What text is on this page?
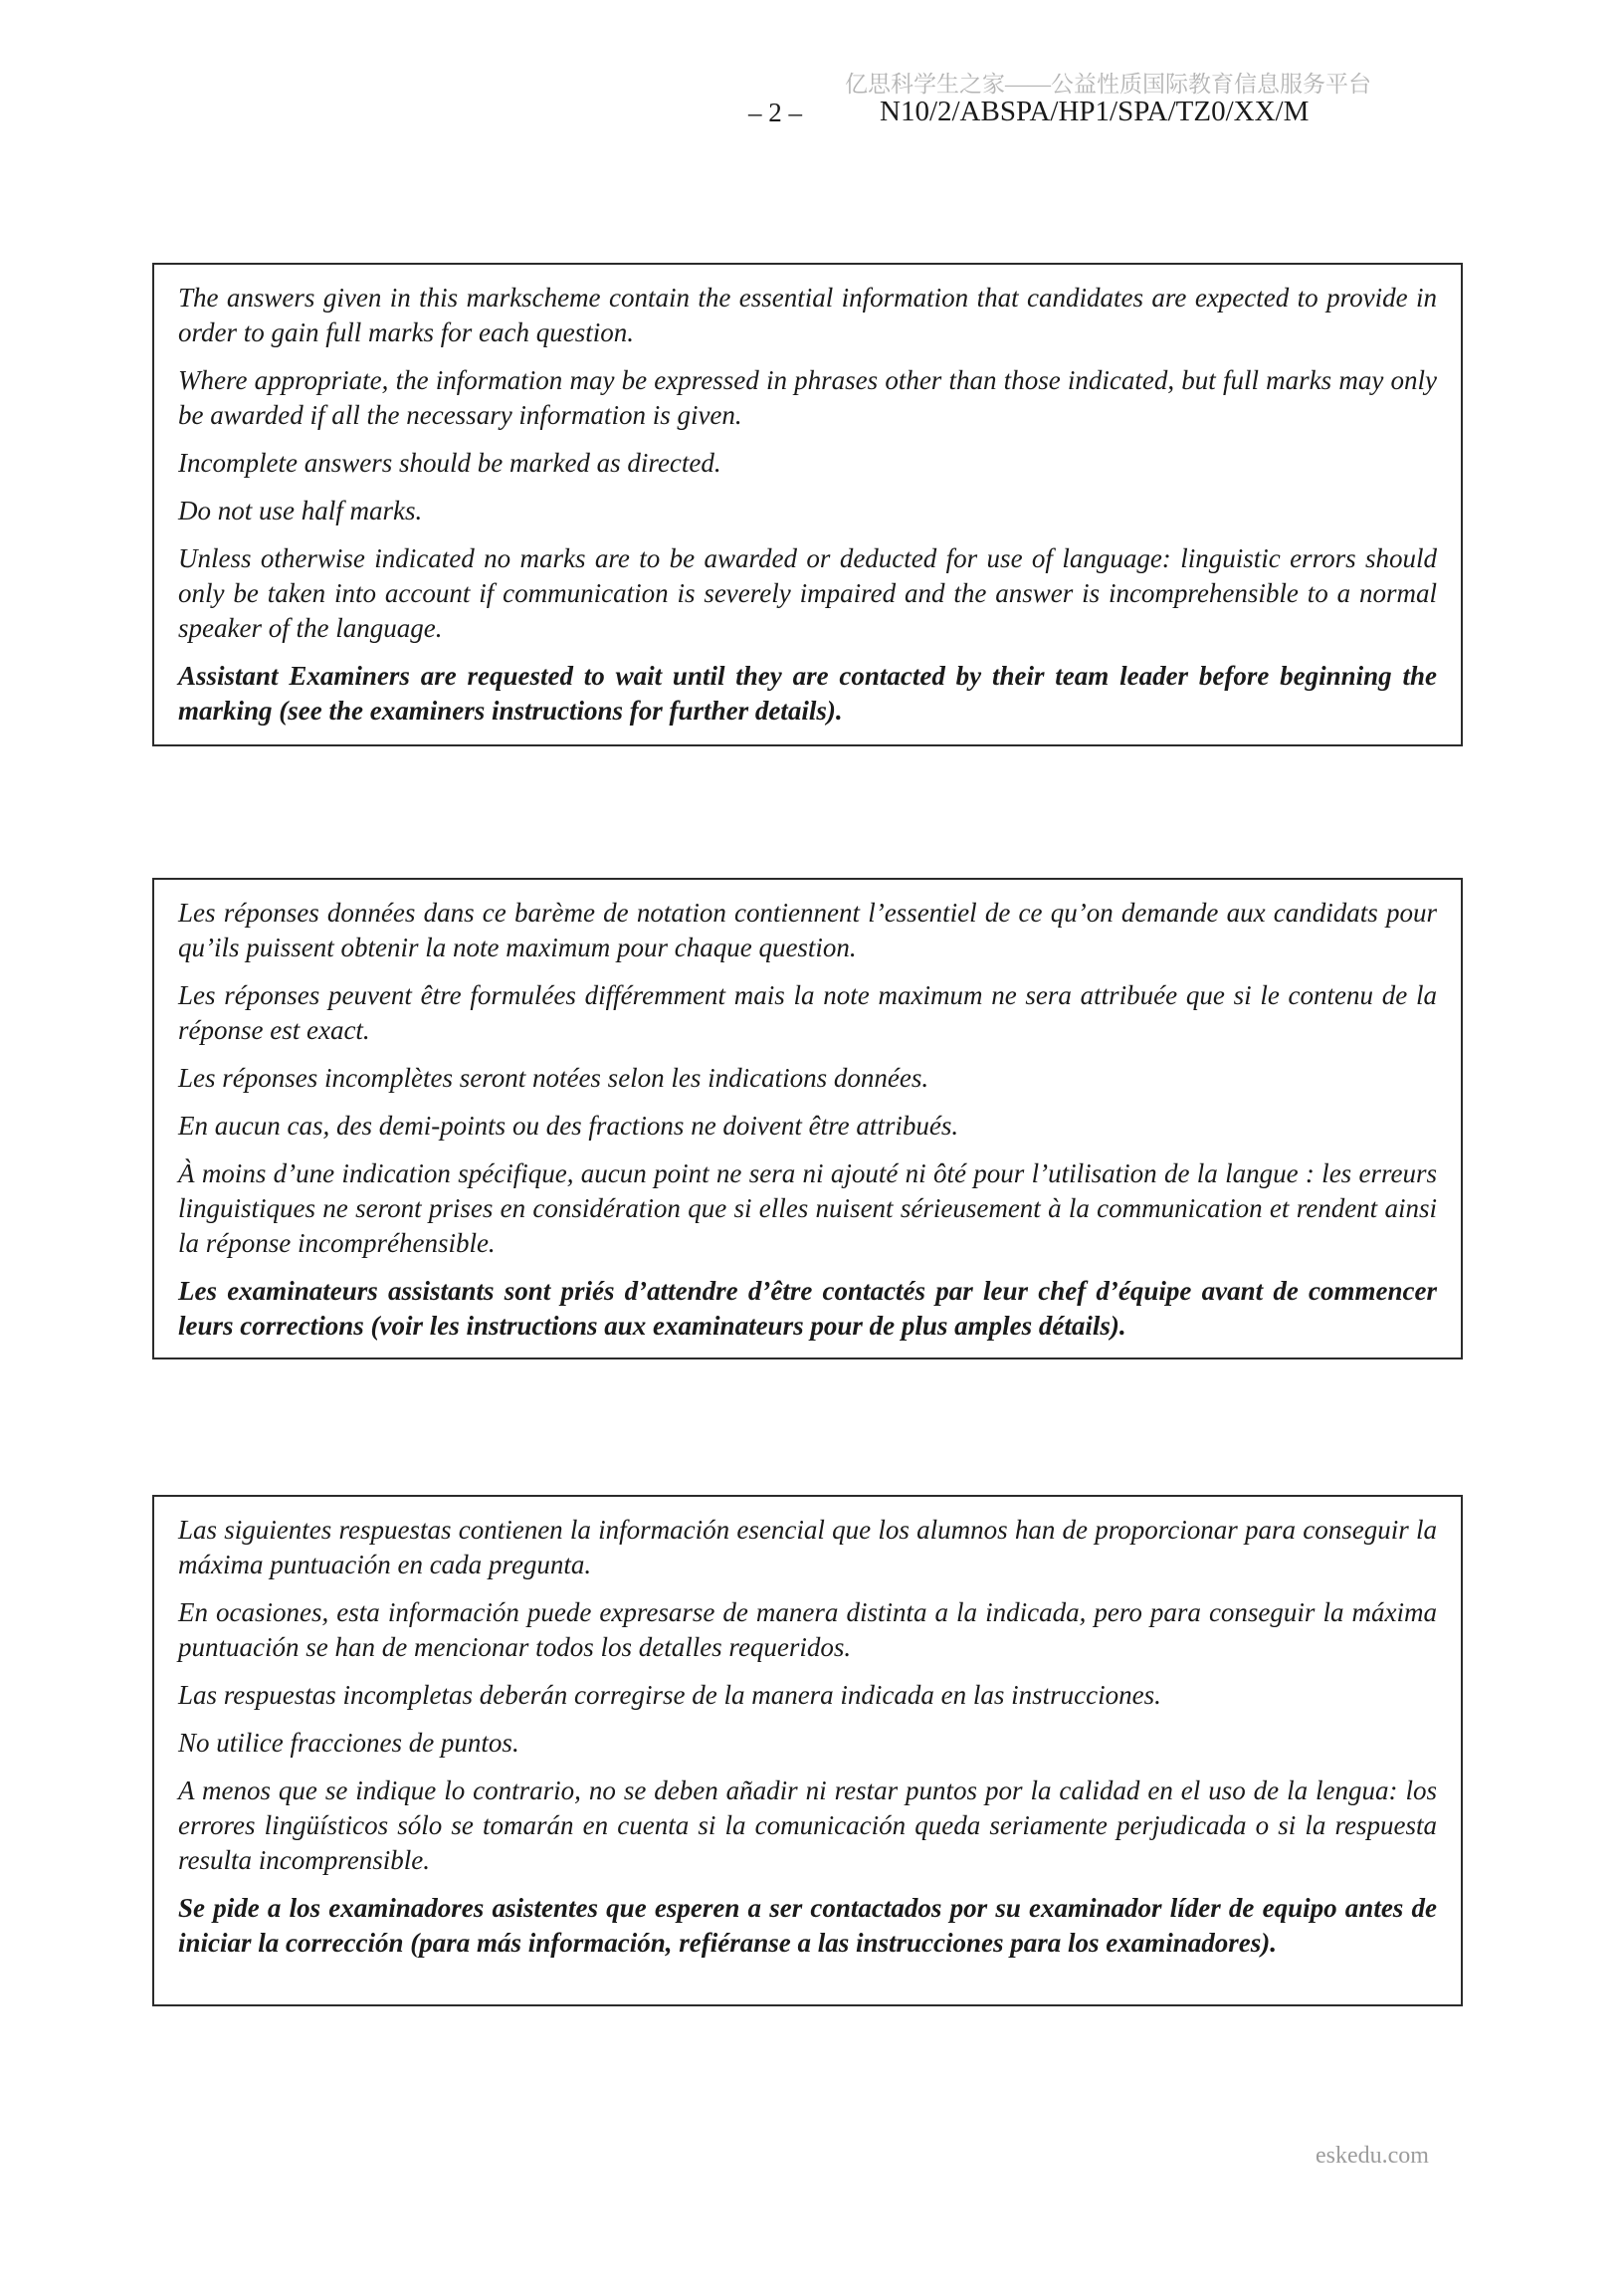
亿思科学生之家——公益性质国际教育信息服务平台
– 2 –	N10/2/ABSPA/HP1/SPA/TZ0/XX/M

The answers given in this markscheme contain the essential information that candidates are expected to provide in order to gain full marks for each question.

Where appropriate, the information may be expressed in phrases other than those indicated, but full marks may only be awarded if all the necessary information is given.

Incomplete answers should be marked as directed.

Do not use half marks.

Unless otherwise indicated no marks are to be awarded or deducted for use of language: linguistic errors should only be taken into account if communication is severely impaired and the answer is incomprehensible to a normal speaker of the language.

Assistant Examiners are requested to wait until they are contacted by their team leader before beginning the marking (see the examiners instructions for further details).

Les réponses données dans ce barème de notation contiennent l’essentiel de ce qu’on demande aux candidats pour qu’ils puissent obtenir la note maximum pour chaque question.

Les réponses peuvent être formulées différemment mais la note maximum ne sera attribuée que si le contenu de la réponse est exact.

Les réponses incomplètes seront notées selon les indications données.

En aucun cas, des demi-points ou des fractions ne doivent être attribués.

À moins d’une indication spécifique, aucun point ne sera ni ajouté ni ôté pour l’utilisation de la langue : les erreurs linguistiques ne seront prises en considération que si elles nuisent sérieusement à la communication et rendent ainsi la réponse incompréhensible.

Les examinateurs assistants sont priés d’attendre d’être contactés par leur chef d’équipe avant de commencer leurs corrections (voir les instructions aux examinateurs pour de plus amples détails).

Las siguientes respuestas contienen la información esencial que los alumnos han de proporcionar para conseguir la máxima puntuación en cada pregunta.

En ocasiones, esta información puede expresarse de manera distinta a la indicada, pero para conseguir la máxima puntuación se han de mencionar todos los detalles requeridos.

Las respuestas incompletas deberán corregirse de la manera indicada en las instrucciones.

No utilice fracciones de puntos.

A menos que se indique lo contrario, no se deben añadir ni restar puntos por la calidad en el uso de la lengua: los errores lingüísticos sólo se tomarán en cuenta si la comunicación queda seriamente perjudicada o si la respuesta resulta incomprensible.

Se pide a los examinadores asistentes que esperen a ser contactados por su examinador líder de equipo antes de iniciar la corrección (para más información, refiéranse a las instrucciones para los examinadores).

eskedu.com
